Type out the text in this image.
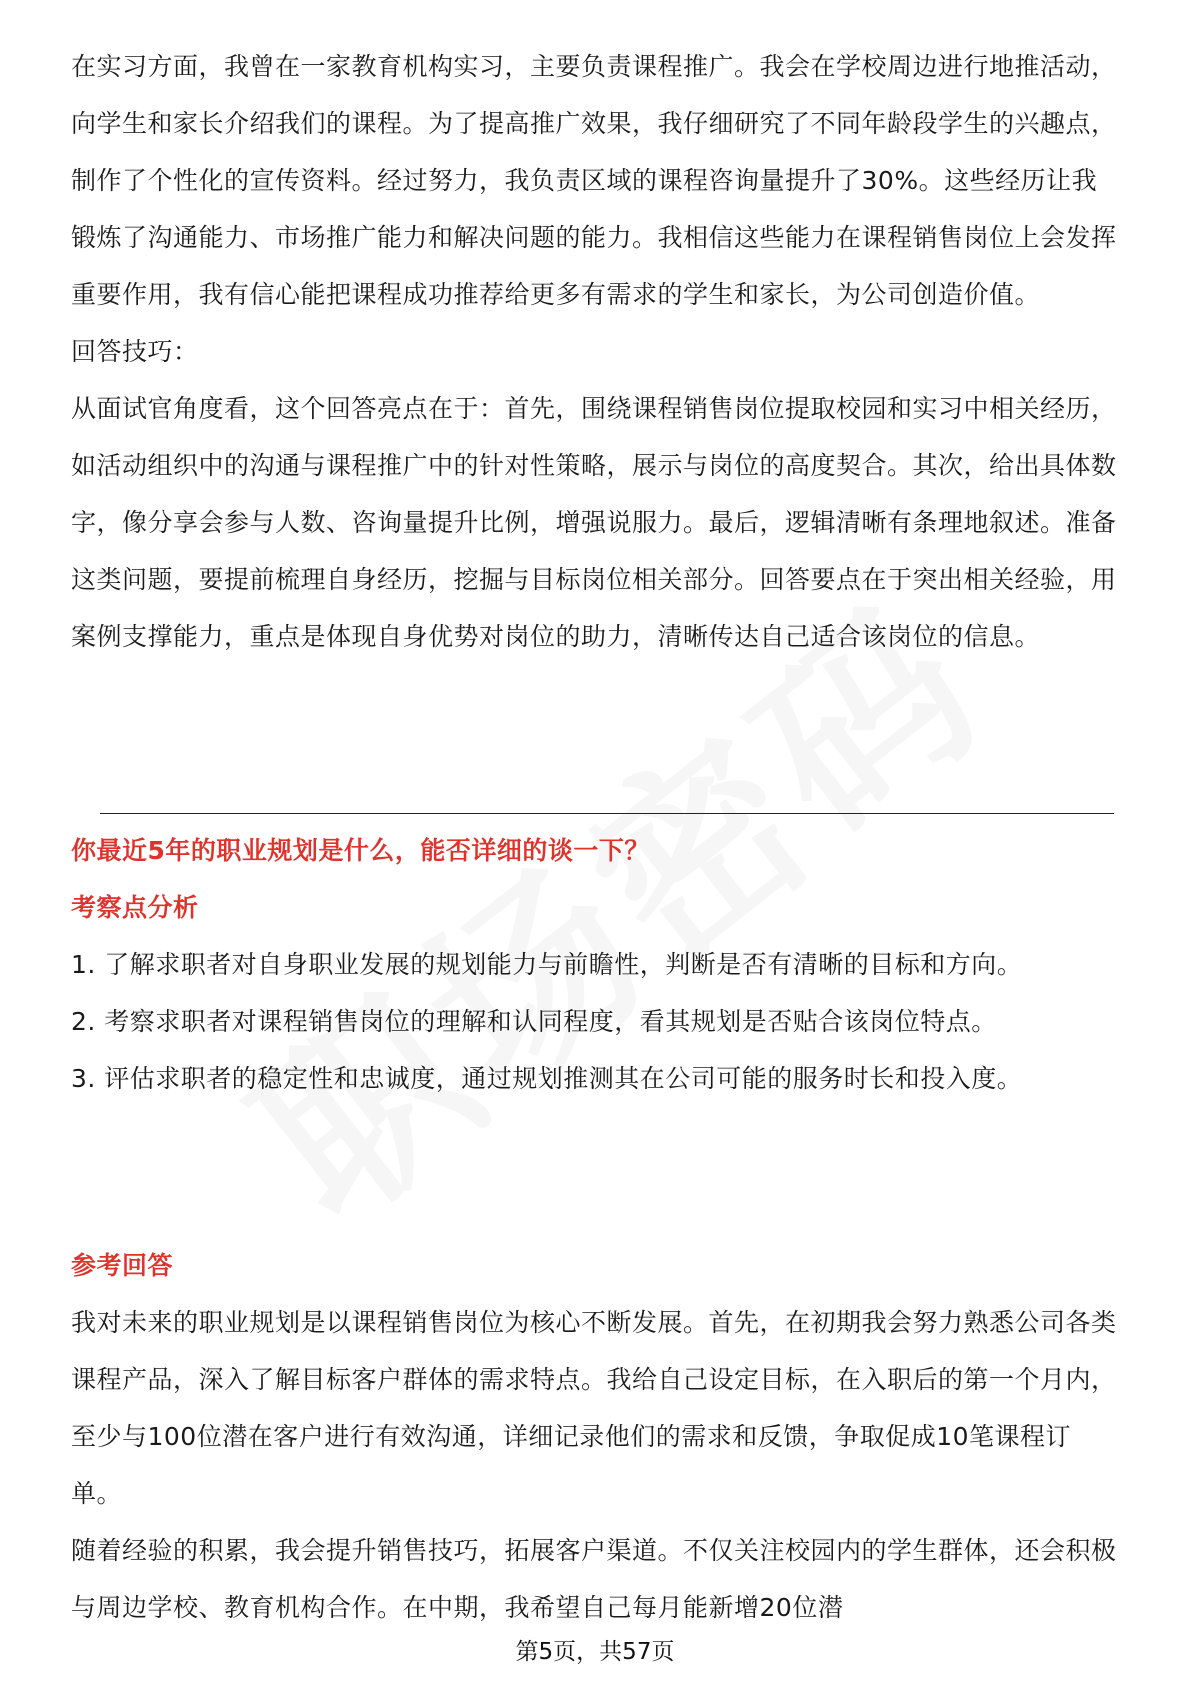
在实习方面，我曾在一家教育机构实习，主要负责课程推广。我会在学校周边进行地推活动，向学生和家长介绍我们的课程。为了提高推广效果，我仔细研究了不同年龄段学生的兴趣点，制作了个性化的宣传资料。经过努力，我负责区域的课程咨询量提升了30%。这些经历让我锻炼了沟通能力、市场推广能力和解决问题的能力。我相信这些能力在课程销售岗位上会发挥重要作用，我有信心能把课程成功推荐给更多有需求的学生和家长，为公司创造价值。

回答技巧：

从面试官角度看，这个回答亮点在于：首先，围绕课程销售岗位提取校园和实习中相关经历，如活动组织中的沟通与课程推广中的针对性策略，展示与岗位的高度契合。其次，给出具体数字，像分享会参与人数、咨询量提升比例，增强说服力。最后，逻辑清晰有条理地叙述。准备这类问题，要提前梳理自身经历，挖掘与目标岗位相关部分。回答要点在于突出相关经验，用案例支撑能力，重点是体现自身优势对岗位的助力，清晰传达自己适合该岗位的信息。

你最近5年的职业规划是什么，能否详细的谈一下？
考察点分析

1. 了解求职者对自身职业发展的规划能力与前瞻性，判断是否有清晰的目标和方向。

2. 考察求职者对课程销售岗位的理解和认同程度，看其规划是否贴合该岗位特点。

3. 评估求职者的稳定性和忠诚度，通过规划推测其在公司可能的服务时长和投入度。

参考回答

我对未来的职业规划是以课程销售岗位为核心不断发展。首先，在初期我会努力熟悉公司各类课程产品，深入了解目标客户群体的需求特点。我给自己设定目标，在入职后的第一个月内，至少与100位潜在客户进行有效沟通，详细记录他们的需求和反馈，争取促成10笔课程订单。

随着经验的积累，我会提升销售技巧，拓展客户渠道。不仅关注校园内的学生群体，还会积极与周边学校、教育机构合作。在中期，我希望自己每月能新增20位潜

第5页，共57页
